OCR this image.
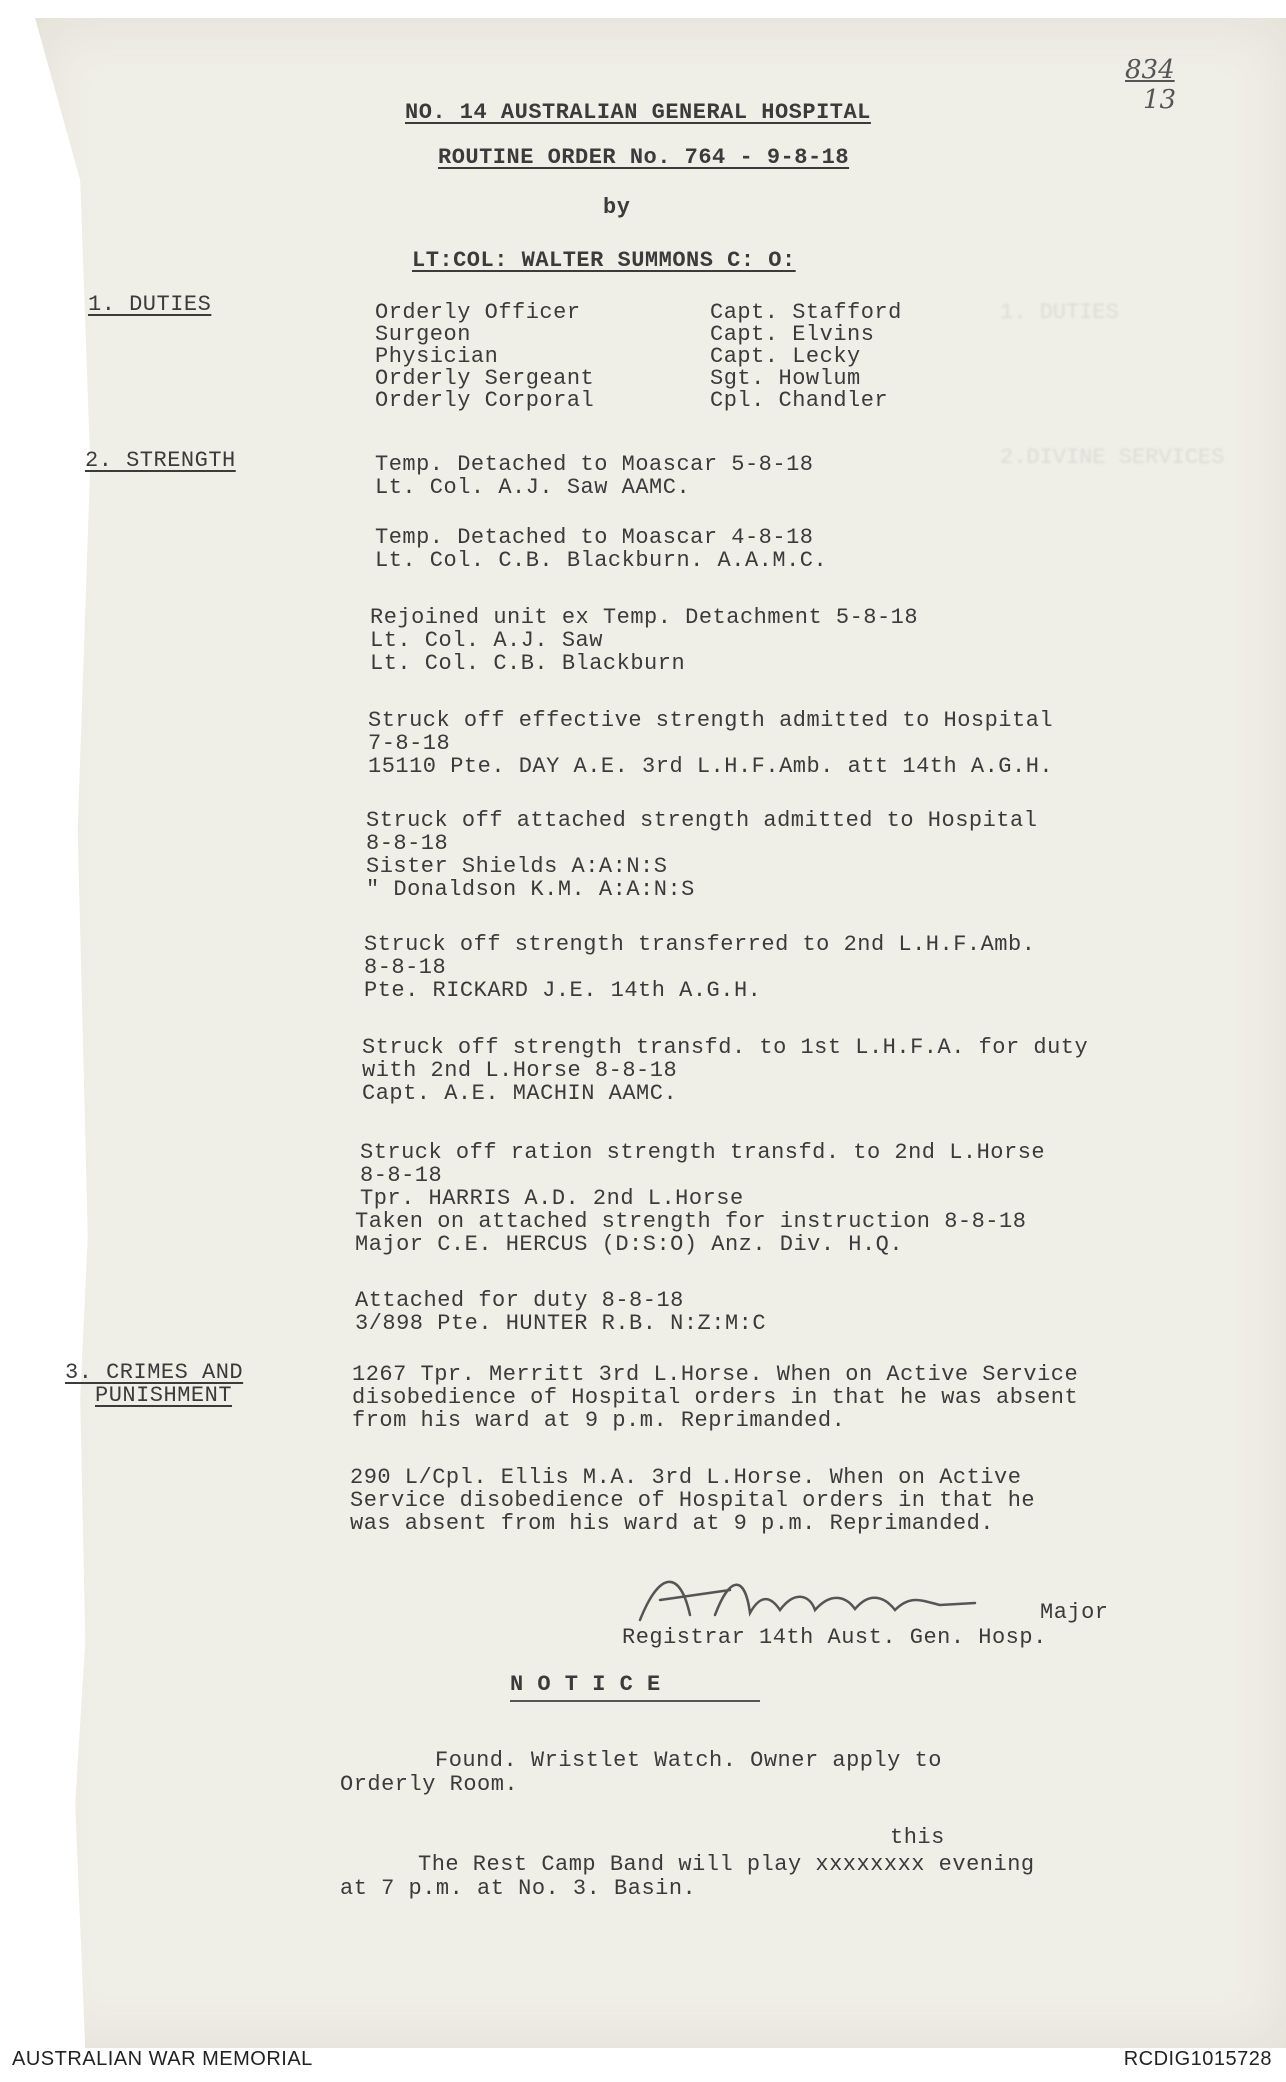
1. DUTIES
2.DIVINE SERVICES
834
13
NO. 14 AUSTRALIAN GENERAL HOSPITAL
ROUTINE ORDER No. 764 - 9-8-18
by
LT:COL: WALTER SUMMONS C: O:
1. DUTIES	Orderly Officer	Capt. Stafford
Surgeon	Capt. Elvins
Physician	Capt. Lecky
Orderly Sergeant	Sgt. Howlum
Orderly Corporal	Cpl. Chandler
2. STRENGTH	Temp. Detached to Moascar 5-8-18
Lt. Col. A.J. Saw AAMC.
Temp. Detached to Moascar 4-8-18
Lt. Col. C.B. Blackburn. A.A.M.C.
Rejoined unit ex Temp. Detachment 5-8-18
Lt. Col. A.J. Saw
Lt. Col. C.B. Blackburn
Struck off effective strength admitted to Hospital
7-8-18
15110 Pte. DAY A.E. 3rd L.H.F.Amb. att 14th A.G.H.
Struck off attached strength admitted to Hospital
8-8-18
Sister Shields A:A:N:S
" Donaldson K.M. A:A:N:S
Struck off strength transferred to 2nd L.H.F.Amb.
8-8-18
Pte. RICKARD J.E. 14th A.G.H.
Struck off strength transfd. to 1st L.H.F.A. for duty
with 2nd L.Horse 8-8-18
Capt. A.E. MACHIN AAMC.
Struck off ration strength transfd. to 2nd L.Horse
8-8-18
Tpr. HARRIS A.D. 2nd L.Horse
Taken on attached strength for instruction 8-8-18
Major C.E. HERCUS (D:S:O) Anz. Div. H.Q.
Attached for duty 8-8-18
3/898 Pte. HUNTER R.B. N:Z:M:C
3. CRIMES AND
PUNISHMENT
1267 Tpr. Merritt 3rd L.Horse. When on Active Service
disobedience of Hospital orders in that he was absent
from his ward at 9 p.m. Reprimanded.
290 L/Cpl. Ellis M.A. 3rd L.Horse. When on Active
Service disobedience of Hospital orders in that he
was absent from his ward at 9 p.m. Reprimanded.
Major
Registrar 14th Aust. Gen. Hosp.
N O T I C E
Found. Wristlet Watch. Owner apply to
Orderly Room.
this
The Rest Camp Band will play xxxxxxxx evening
at 7 p.m. at No. 3. Basin.
AUSTRALIAN WAR MEMORIAL	RCDIG1015728
